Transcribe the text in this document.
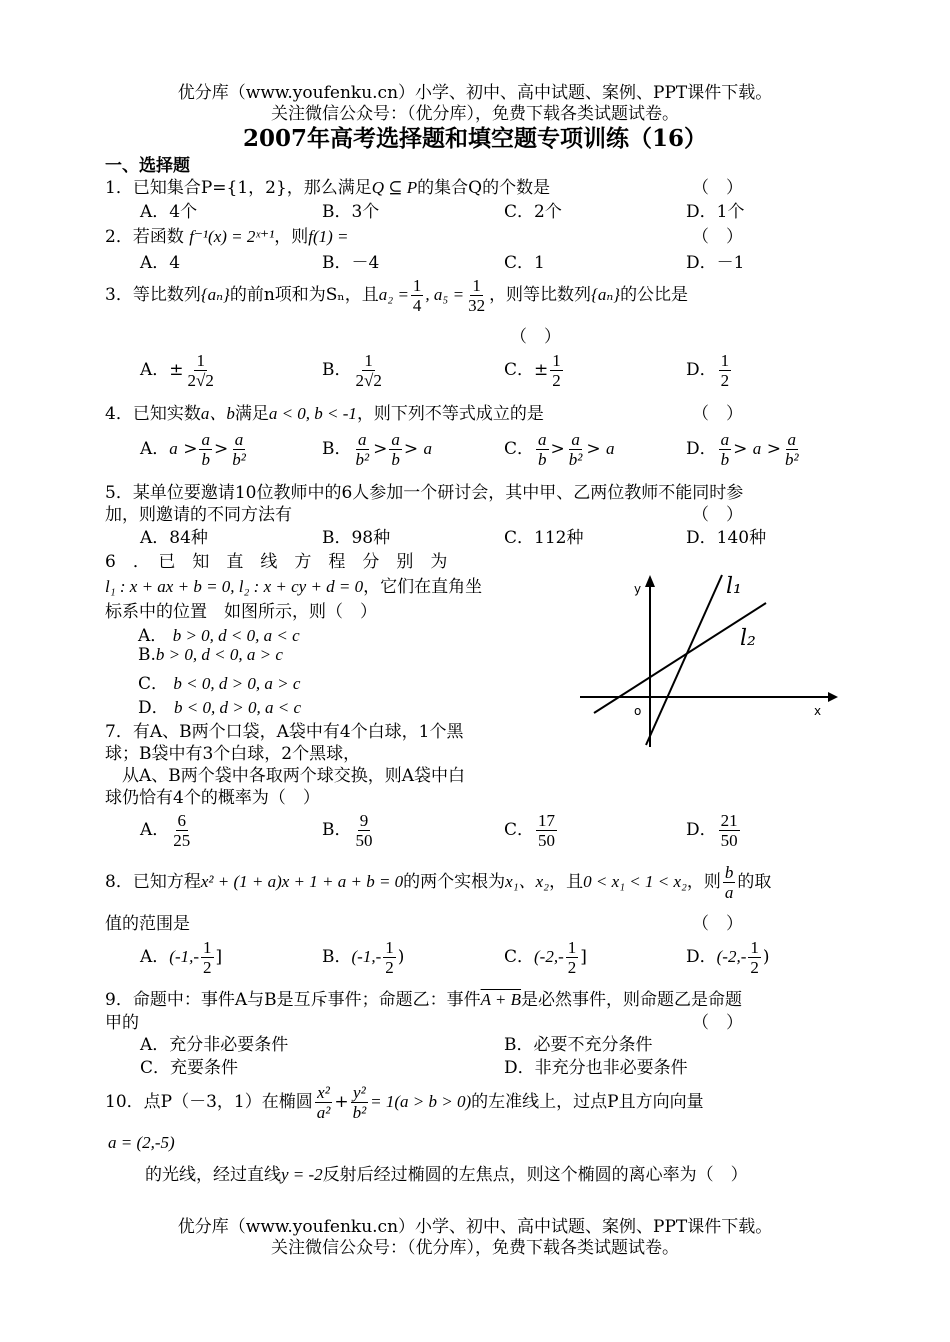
优分库（www.youfenku.cn）小学、初中、高中试题、案例、PPT课件下载。
关注微信公众号：（优分库），免费下载各类试题试卷。
2007年高考选择题和填空题专项训练（16）
一、选择题
1．已知集合P={1，2}，那么满足Q ⊆ P的集合Q的个数是	（　）
A．4个	B．3个	C．2个	D．1个
2．若函数 f⁻¹(x) = 2ˣ⁺¹，则f(1) =	（　）
A．4	B．－4	C．1	D．－1
3．等比数列{aₙ}的前n项和为Sₙ，且$a_2 = \frac{1}{4}$ , $a_5 = \frac{1}{32}$ ，则等比数列{aₙ}的公比是
（　）
A．± $\frac{1}{2√2}$	B． $\frac{1}{2√2}$	C．± $\frac{1}{2}$	D． $\frac{1}{2}$
4．已知实数a、b满足a < 0, b < -1，则下列不等式成立的是	（　）
A．$a > \frac{a}{b} > \frac{a}{\text{b²}}$	B． $\frac{a}{\text{b²}} > \frac{a}{b} > a$	C． $\frac{a}{b} > \frac{a}{\text{b²}} > a$	D． $\frac{a}{b} > a > \frac{a}{\text{b²}}$
5．某单位要邀请10位教师中的6人参加一个研讨会，其中甲、乙两位教师不能同时参
加，则邀请的不同方法有	（　）
A．84种	B．98种	C．112种	D．140种
6　．　已　知　直　线　方　程　分　别　为
l₁ : x + ax + b = 0, l₂ : x + cy + d = 0，它们在直角坐
标系中的位置　如图所示，则（　）
A． b > 0, d < 0, a < c
B.b > 0, d < 0, a > c
C． b < 0, d > 0, a > c
D． b < 0, d > 0, a < c
y
x
o
l₁
l₂
7．有A、B两个口袋，A袋中有4个白球，1个黑
球；B袋中有3个白球，2个黑球，
　从A、B两个袋中各取两个球交换，则A袋中白
球仍恰有4个的概率为（　）
A． $\frac{6}{25}$	B． $\frac{9}{50}$	C． $\frac{17}{50}$	D． $\frac{21}{50}$
8．已知方程x² + (1 + a)x + 1 + a + b = 0的两个实根为x₁、x₂，且0 < x₁ < 1 < x₂，则 $\frac{b}{a}$ 的取
值的范围是	（　）
A．($-1,- \frac{1}{2}$ ]	B．($-1,- \frac{1}{2}$ )	C．($-2,- \frac{1}{2}$ ]	D．($-2,- \frac{1}{2}$ )
9．命题中：事件A与B是互斥事件；命题乙：事件A + B是必然事件，则命题乙是命题
甲的	（　）
A．充分非必要条件	B．必要不充分条件
C．充要条件	D．非充分也非必要条件
10．点P（－3，1）在椭圆 $\frac{\text{x²}}{\text{a²}} + \frac{\text{y²}}{\text{b²}} = 1(a > b > 0)$的左准线上，过点P且方向向量
a = (2,-5)
的光线，经过直线y = -2反射后经过椭圆的左焦点，则这个椭圆的离心率为（　）
优分库（www.youfenku.cn）小学、初中、高中试题、案例、PPT课件下载。
关注微信公众号：（优分库），免费下载各类试题试卷。
